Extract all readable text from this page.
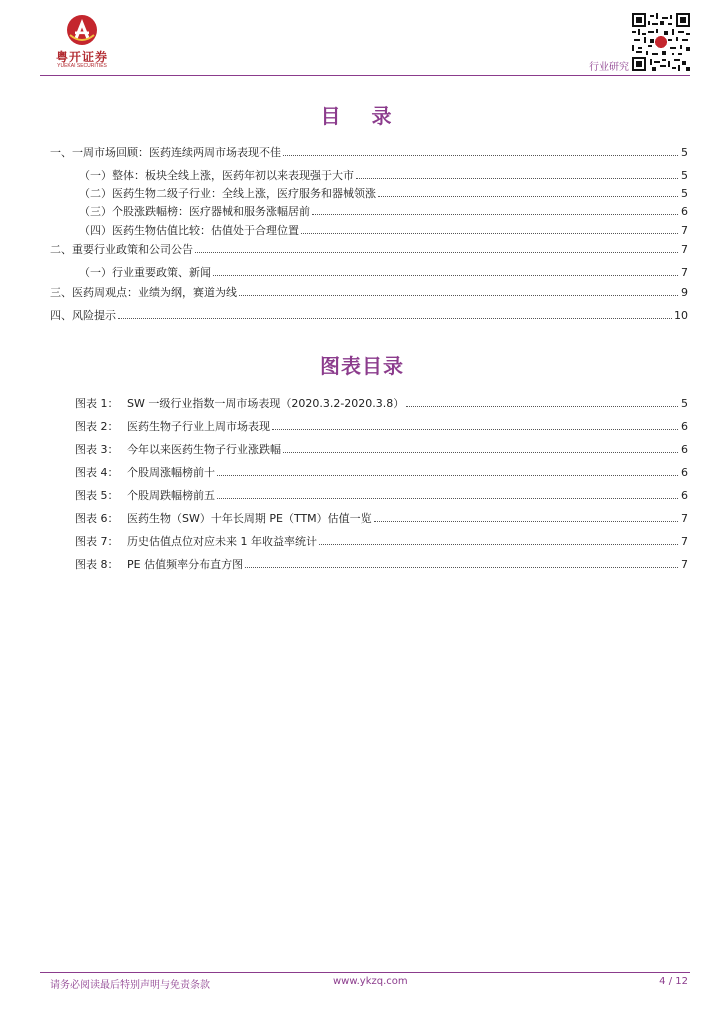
粤开证券
YUEKAI SECURITIES	行业研究
目 录
一、一周市场回顾：医药连续两周市场表现不佳	5
（一）整体：板块全线上涨，医药年初以来表现强于大市	5
（二）医药生物二级子行业：全线上涨，医疗服务和器械领涨	5
（三）个股涨跌幅榜：医疗器械和服务涨幅居前	6
（四）医药生物估值比较：估值处于合理位置	7
二、重要行业政策和公司公告	7
（一）行业重要政策、新闻	7
三、医药周观点：业绩为纲，赛道为线	9
四、风险提示	10
图表目录
图表 1： SW 一级行业指数一周市场表现（2020.3.2-2020.3.8）	5
图表 2： 医药生物子行业上周市场表现	6
图表 3： 今年以来医药生物子行业涨跌幅	6
图表 4： 个股周涨幅榜前十	6
图表 5： 个股周跌幅榜前五	6
图表 6： 医药生物（SW）十年长周期 PE（TTM）估值一览	7
图表 7： 历史估值点位对应未来 1 年收益率统计	7
图表 8： PE 估值频率分布直方图	7
请务必阅读最后特别声明与免责条款	www.ykzq.com	4 / 12
